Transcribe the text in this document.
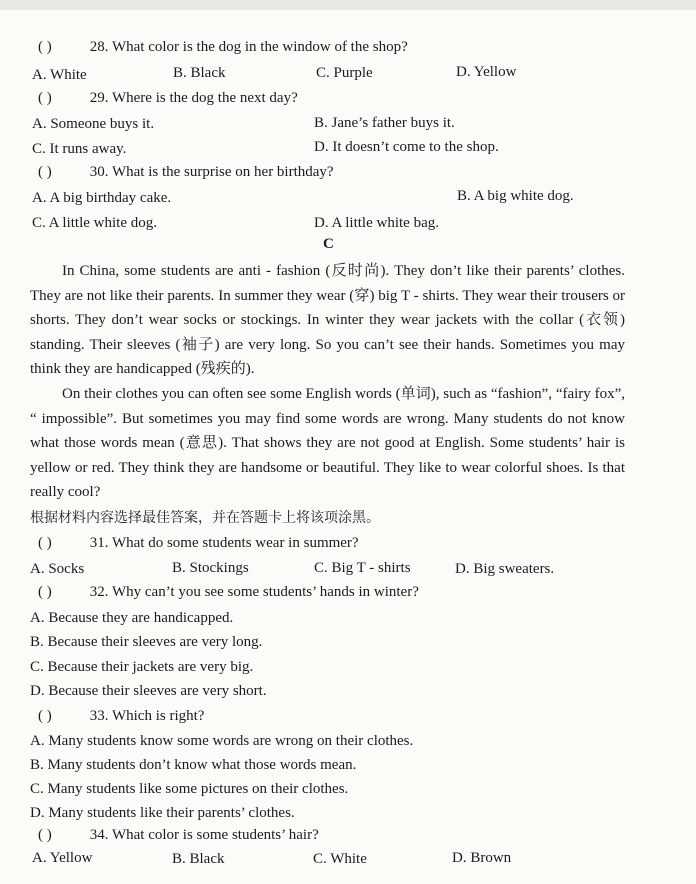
( )	28. What color is the dog in the window of the shop?
A. White	B. Black	C. Purple	D. Yellow
( )	29. Where is the dog the next day?
A. Someone buys it.	B. Jane’s father buys it.
C. It runs away.	D. It doesn’t come to the shop.
( )	30. What is the surprise on her birthday?
A. A big birthday cake.	B. A big white dog.
C. A little white dog.	D. A little white bag.
C

In China, some students are anti - fashion (反时尚). They don’t like their parents’ clothes. They are not like their parents. In summer they wear (穿) big T - shirts. They wear their trousers or shorts. They don’t wear socks or stockings. In winter they wear jackets with the collar (衣领) standing. Their sleeves (袖子) are very long. So you can’t see their hands. Sometimes you may think they are handicapped (残疾的).

On their clothes you can often see some English words (单词), such as “fashion”, “fairy fox”, “ impossible”. But sometimes you may find some words are wrong. Many students do not know what those words mean (意思). That shows they are not good at English. Some students’ hair is yellow or red. They think they are handsome or beautiful. They like to wear colorful shoes. Is that really cool?

根据材料内容选择最佳答案，并在答题卡上将该项涂黑。
( )	31. What do some students wear in summer?
A. Socks	B. Stockings	C. Big T - shirts	D. Big sweaters.
( )	32. Why can’t you see some students’ hands in winter?
A. Because they are handicapped.
B. Because their sleeves are very long.
C. Because their jackets are very big.
D. Because their sleeves are very short.
( )	33. Which is right?
A. Many students know some words are wrong on their clothes.
B. Many students don’t know what those words mean.
C. Many students like some pictures on their clothes.
D. Many students like their parents’ clothes.
( )	34. What color is some students’ hair?
A. Yellow	B. Black	C. White	D. Brown
